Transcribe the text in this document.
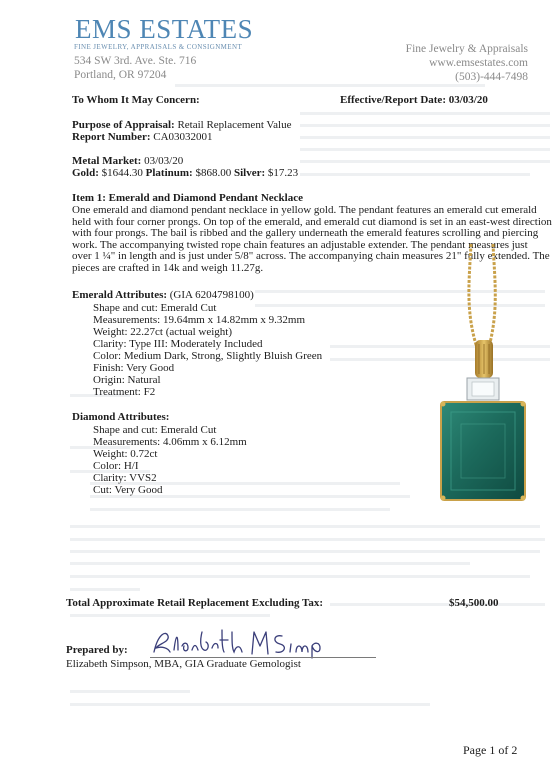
EMS ESTATES
FINE JEWELRY, APPRAISALS & CONSIGNMENT
534 SW 3rd. Ave. Ste. 716
Portland, OR 97204
Fine Jewelry & Appraisals
www.emsestates.com
(503)-444-7498
To Whom It May Concern:	Effective/Report Date: 03/03/20
Purpose of Appraisal: Retail Replacement Value
Report Number: CA03032001
Metal Market: 03/03/20
Gold: $1644.30 Platinum: $868.00 Silver: $17.23
Item 1: Emerald and Diamond Pendant Necklace
One emerald and diamond pendant necklace in yellow gold. The pendant features an emerald cut emerald
held with four corner prongs. On top of the emerald, and emerald cut diamond is set in an east-west direction
with four prongs. The bail is ribbed and the gallery underneath the emerald features scrolling and piercing
work. The accompanying twisted rope chain features an adjustable extender. The pendant measures just
over 1 ¼" in length and is just under 5/8" across. The accompanying chain measures 21" fully extended. The
pieces are crafted in 14k and weigh 11.27g.
Emerald Attributes: (GIA 6204798100)
Shape and cut: Emerald Cut
Measurements: 19.64mm x 14.82mm x 9.32mm
Weight: 22.27ct (actual weight)
Clarity: Type III: Moderately Included
Color: Medium Dark, Strong, Slightly Bluish Green
Finish: Very Good
Origin: Natural
Treatment: F2
Diamond Attributes:
Shape and cut: Emerald Cut
Measurements: 4.06mm x 6.12mm
Weight: 0.72ct
Color: H/I
Clarity: VVS2
Cut: Very Good
Total Approximate Retail Replacement Excluding Tax:	$54,500.00
Prepared by:
Elizabeth Simpson, MBA, GIA Graduate Gemologist
Page 1 of 2
